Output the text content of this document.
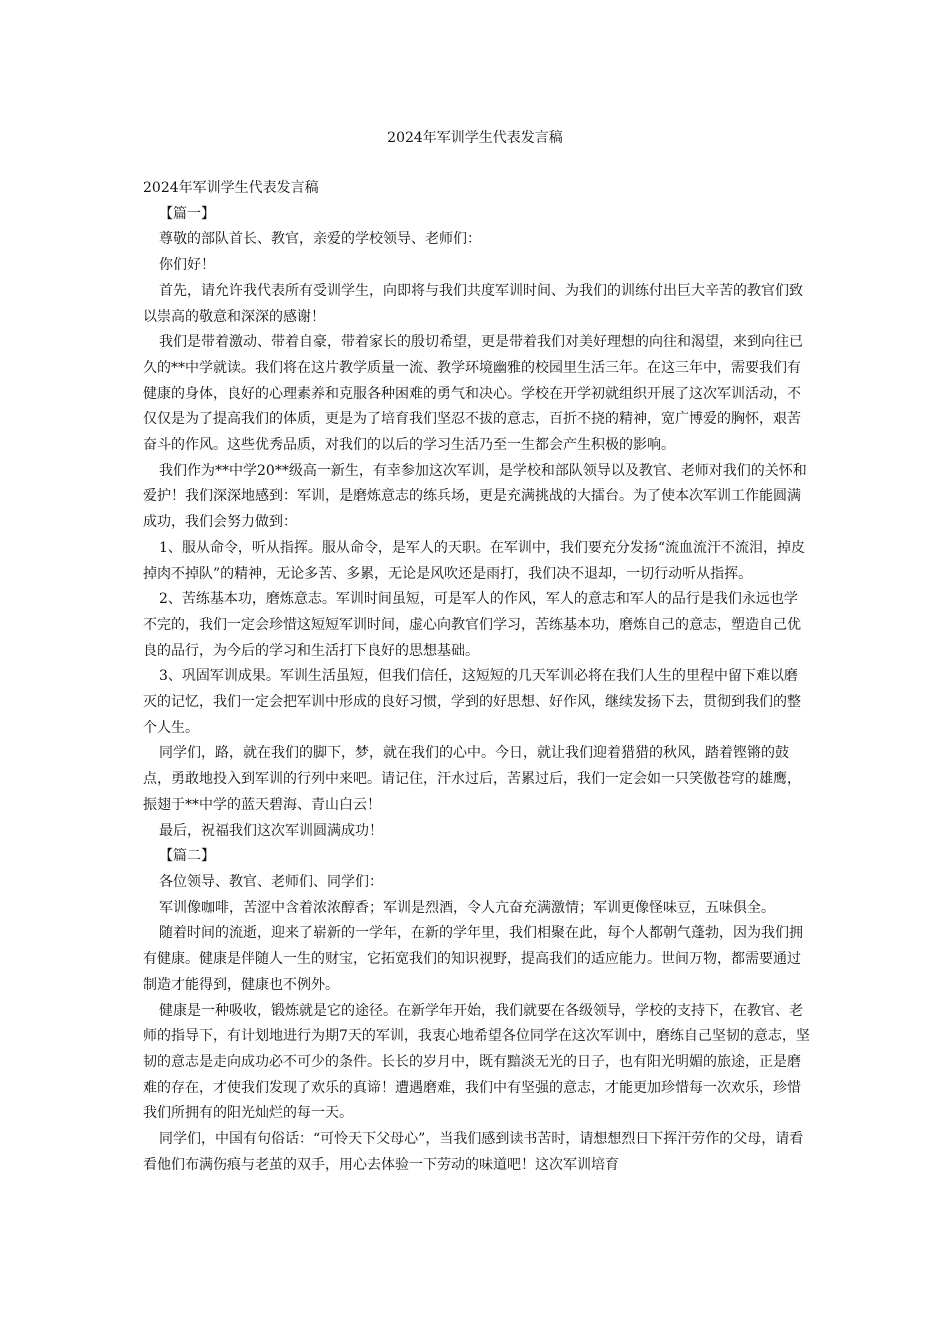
2024年军训学生代表发言稿

2024年军训学生代表发言稿

【篇一】

尊敬的部队首长、教官，亲爱的学校领导、老师们：

你们好！

首先，请允许我代表所有受训学生，向即将与我们共度军训时间、为我们的训练付出巨大辛苦的教官们致以崇高的敬意和深深的感谢！

我们是带着激动、带着自豪，带着家长的殷切希望，更是带着我们对美好理想的向往和渴望，来到向往已久的**中学就读。我们将在这片教学质量一流、教学环境幽雅的校园里生活三年。在这三年中，需要我们有健康的身体，良好的心理素养和克服各种困难的勇气和决心。学校在开学初就组织开展了这次军训活动，不仅仅是为了提高我们的体质，更是为了培育我们坚忍不拔的意志，百折不挠的精神，宽广博爱的胸怀，艰苦奋斗的作风。这些优秀品质，对我们的以后的学习生活乃至一生都会产生积极的影响。

我们作为**中学20**级高一新生，有幸参加这次军训，是学校和部队领导以及教官、老师对我们的关怀和爱护！我们深深地感到：军训，是磨炼意志的练兵场，更是充满挑战的大擂台。为了使本次军训工作能圆满成功，我们会努力做到：

1、服从命令，听从指挥。服从命令，是军人的天职。在军训中，我们要充分发扬“流血流汗不流泪，掉皮掉肉不掉队”的精神，无论多苦、多累，无论是风吹还是雨打，我们决不退却，一切行动听从指挥。

2、苦练基本功，磨炼意志。军训时间虽短，可是军人的作风，军人的意志和军人的品行是我们永远也学不完的，我们一定会珍惜这短短军训时间，虚心向教官们学习，苦练基本功，磨炼自己的意志，塑造自己优良的品行，为今后的学习和生活打下良好的思想基础。

3、巩固军训成果。军训生活虽短，但我们信任，这短短的几天军训必将在我们人生的里程中留下难以磨灭的记忆，我们一定会把军训中形成的良好习惯，学到的好思想、好作风，继续发扬下去，贯彻到我们的整个人生。

同学们，路，就在我们的脚下，梦，就在我们的心中。今日，就让我们迎着猎猎的秋风，踏着铿锵的鼓点，勇敢地投入到军训的行列中来吧。请记住，汗水过后，苦累过后，我们一定会如一只笑傲苍穹的雄鹰，振翅于**中学的蓝天碧海、青山白云！

最后，祝福我们这次军训圆满成功！

【篇二】

各位领导、教官、老师们、同学们：

军训像咖啡，苦涩中含着浓浓醇香；军训是烈酒，令人亢奋充满激情；军训更像怪味豆，五味俱全。

随着时间的流逝，迎来了崭新的一学年，在新的学年里，我们相聚在此，每个人都朝气蓬勃，因为我们拥有健康。健康是伴随人一生的财宝，它拓宽我们的知识视野，提高我们的适应能力。世间万物，都需要通过制造才能得到，健康也不例外。

健康是一种吸收，锻炼就是它的途径。在新学年开始，我们就要在各级领导，学校的支持下，在教官、老师的指导下，有计划地进行为期7天的军训，我衷心地希望各位同学在这次军训中，磨练自己坚韧的意志，坚韧的意志是走向成功必不可少的条件。长长的岁月中，既有黯淡无光的日子，也有阳光明媚的旅途，正是磨难的存在，才使我们发现了欢乐的真谛！遭遇磨难，我们中有坚强的意志，才能更加珍惜每一次欢乐，珍惜我们所拥有的阳光灿烂的每一天。

同学们，中国有句俗话：“可怜天下父母心”，当我们感到读书苦时，请想想烈日下挥汗劳作的父母，请看看他们布满伤痕与老茧的双手，用心去体验一下劳动的味道吧！这次军训培育
